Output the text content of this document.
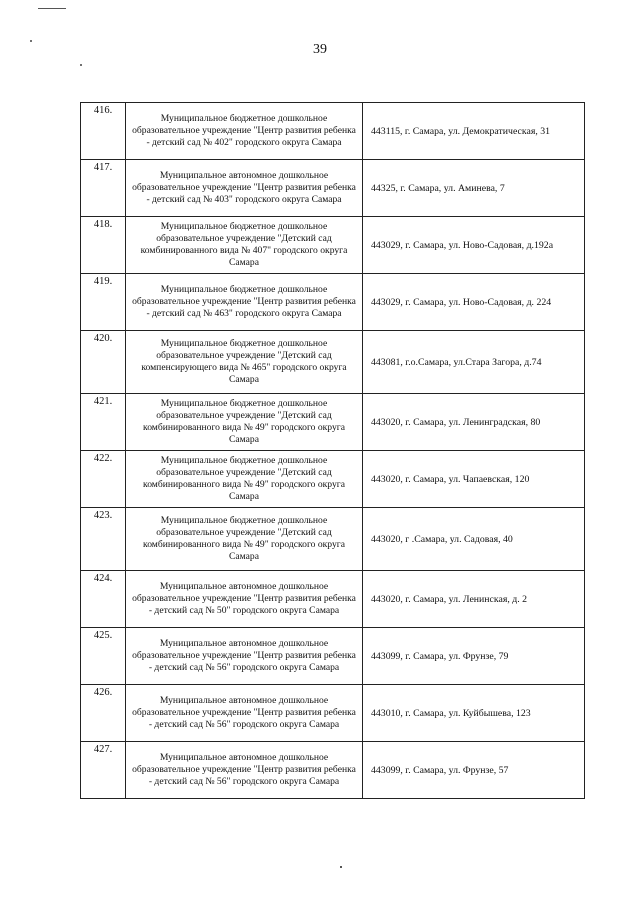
39
416.	Муниципальное бюджетное дошкольное образовательное учреждение "Центр развития ребенка - детский сад № 402" городского округа Самара	443115, г. Самара, ул. Демократическая, 31
417.	Муниципальное автономное дошкольное образовательное учреждение "Центр развития ребенка - детский сад № 403" городского округа Самара	44325, г. Самара, ул. Аминева, 7
418.	Муниципальное бюджетное дошкольное образовательное учреждение "Детский сад комбинированного вида № 407" городского округа Самара	443029, г. Самара, ул. Ново-Садовая, д.192а
419.	Муниципальное бюджетное дошкольное образовательное учреждение "Центр развития ребенка - детский сад № 463" городского округа Самара	443029, г. Самара, ул. Ново-Садовая, д. 224
420.	Муниципальное бюджетное дошкольное образовательное учреждение "Детский сад компенсирующего вида № 465" городского округа Самара	443081, г.о.Самара, ул.Стара Загора, д.74
421.	Муниципальное бюджетное дошкольное образовательное учреждение "Детский сад комбинированного вида № 49" городского округа Самара	443020, г. Самара, ул. Ленинградская, 80
422.	Муниципальное бюджетное дошкольное образовательное учреждение "Детский сад комбинированного вида № 49" городского округа Самара	443020, г. Самара, ул. Чапаевская, 120
423.	Муниципальное бюджетное дошкольное образовательное учреждение "Детский сад комбинированного вида № 49" городского округа Самара	443020, г .Самара, ул. Садовая, 40
424.	Муниципальное автономное дошкольное образовательное учреждение "Центр развития ребенка - детский сад № 50" городского округа Самара	443020, г. Самара, ул. Ленинская, д. 2
425.	Муниципальное автономное дошкольное образовательное учреждение "Центр развития ребенка - детский сад № 56" городского округа Самара	443099, г. Самара, ул. Фрунзе, 79
426.	Муниципальное автономное дошкольное образовательное учреждение "Центр развития ребенка - детский сад № 56" городского округа Самара	443010, г. Самара, ул. Куйбышева, 123
427.	Муниципальное автономное дошкольное образовательное учреждение "Центр развития ребенка - детский сад № 56" городского округа Самара	443099, г. Самара, ул. Фрунзе, 57
